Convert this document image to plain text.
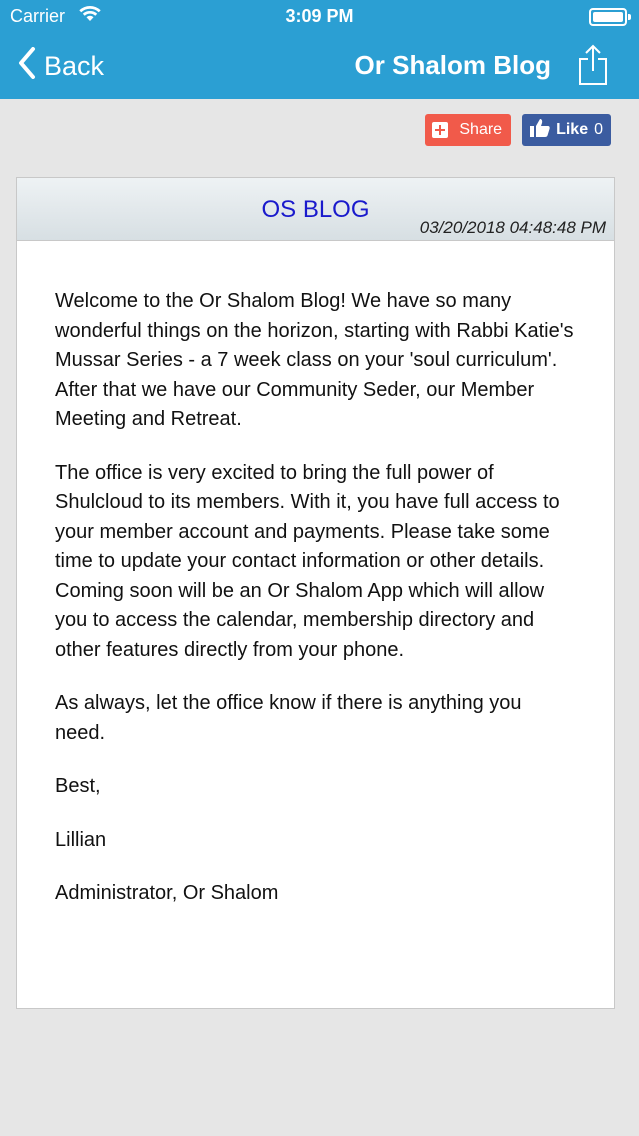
Carrier	3:09 PM
Back	Or Shalom Blog
Share	Like 0
OS BLOG
03/20/2018 04:48:48 PM

Welcome to the Or Shalom Blog! We have so many wonderful things on the horizon, starting with Rabbi Katie's Mussar Series - a 7 week class on your 'soul curriculum'. After that we have our Community Seder, our Member Meeting and Retreat.

The office is very excited to bring the full power of Shulcloud to its members. With it, you have full access to your member account and payments. Please take some time to update your contact information or other details. Coming soon will be an Or Shalom App which will allow you to access the calendar, membership directory and other features directly from your phone.

As always, let the office know if there is anything you need.

Best,

Lillian

Administrator, Or Shalom
